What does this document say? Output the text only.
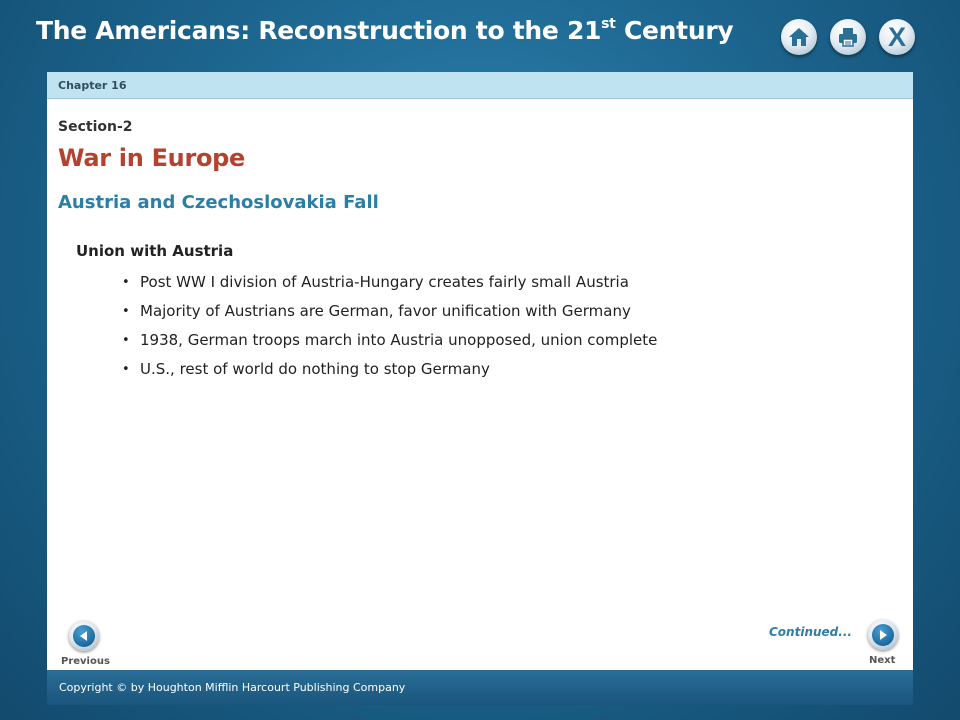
The Americans: Reconstruction to the 21st Century	X
Chapter 16
Section-2
War in Europe
Austria and Czechoslovakia Fall
Union with Austria
• Post WW I division of Austria-Hungary creates fairly small Austria
• Majority of Austrians are German, favor unification with Germany
• 1938, German troops march into Austria unopposed, union complete
• U.S., rest of world do nothing to stop Germany
Continued...
Previous	Next
Copyright © by Houghton Mifflin Harcourt Publishing Company
